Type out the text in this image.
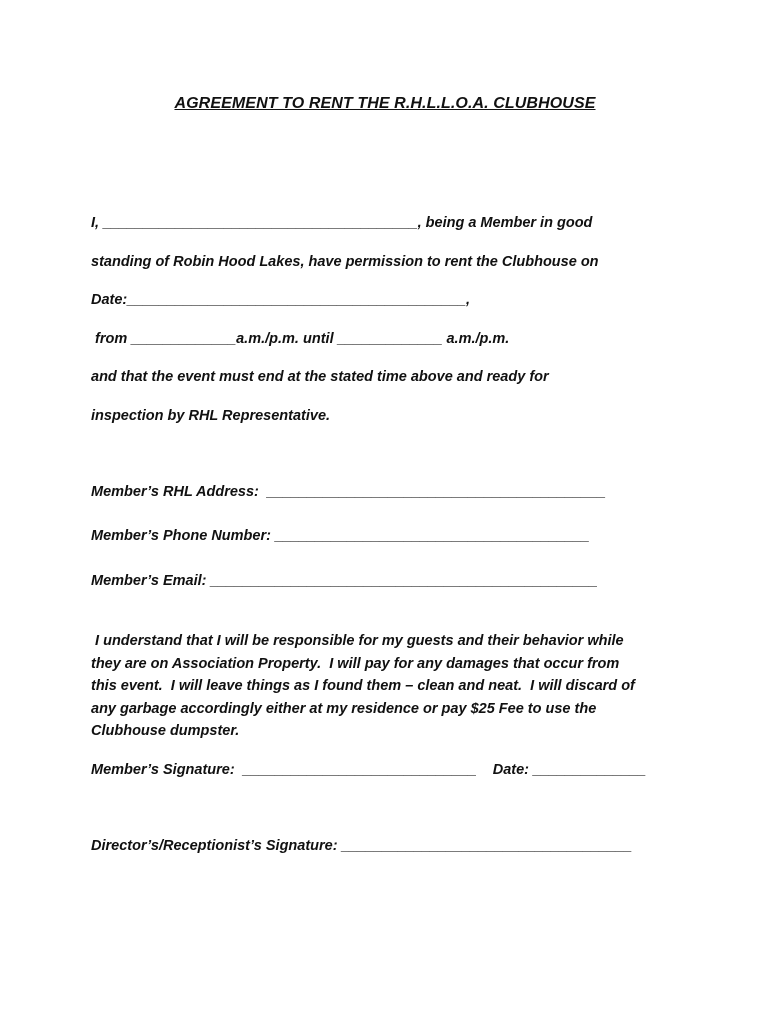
AGREEMENT TO RENT THE R.H.L.L.O.A. CLUBHOUSE
I, _______________________________________, being a Member in good
standing of Robin Hood Lakes, have permission to rent the Clubhouse on
Date:__________________________________________,
from _____________a.m./p.m. until _____________ a.m./p.m.
and that the event must end at the stated time above and ready for
inspection by RHL Representative.
Member’s RHL Address:  __________________________________________
Member’s Phone Number: _______________________________________
Member’s Email: ________________________________________________
I understand that I will be responsible for my guests and their behavior while
they are on Association Property.  I will pay for any damages that occur from
this event.  I will leave things as I found them – clean and neat.  I will discard of
any garbage accordingly either at my residence or pay $25 Fee to use the
Clubhouse dumpster.
Member’s Signature:  _____________________________    Date: ______________
Director’s/Receptionist’s Signature: ____________________________________
